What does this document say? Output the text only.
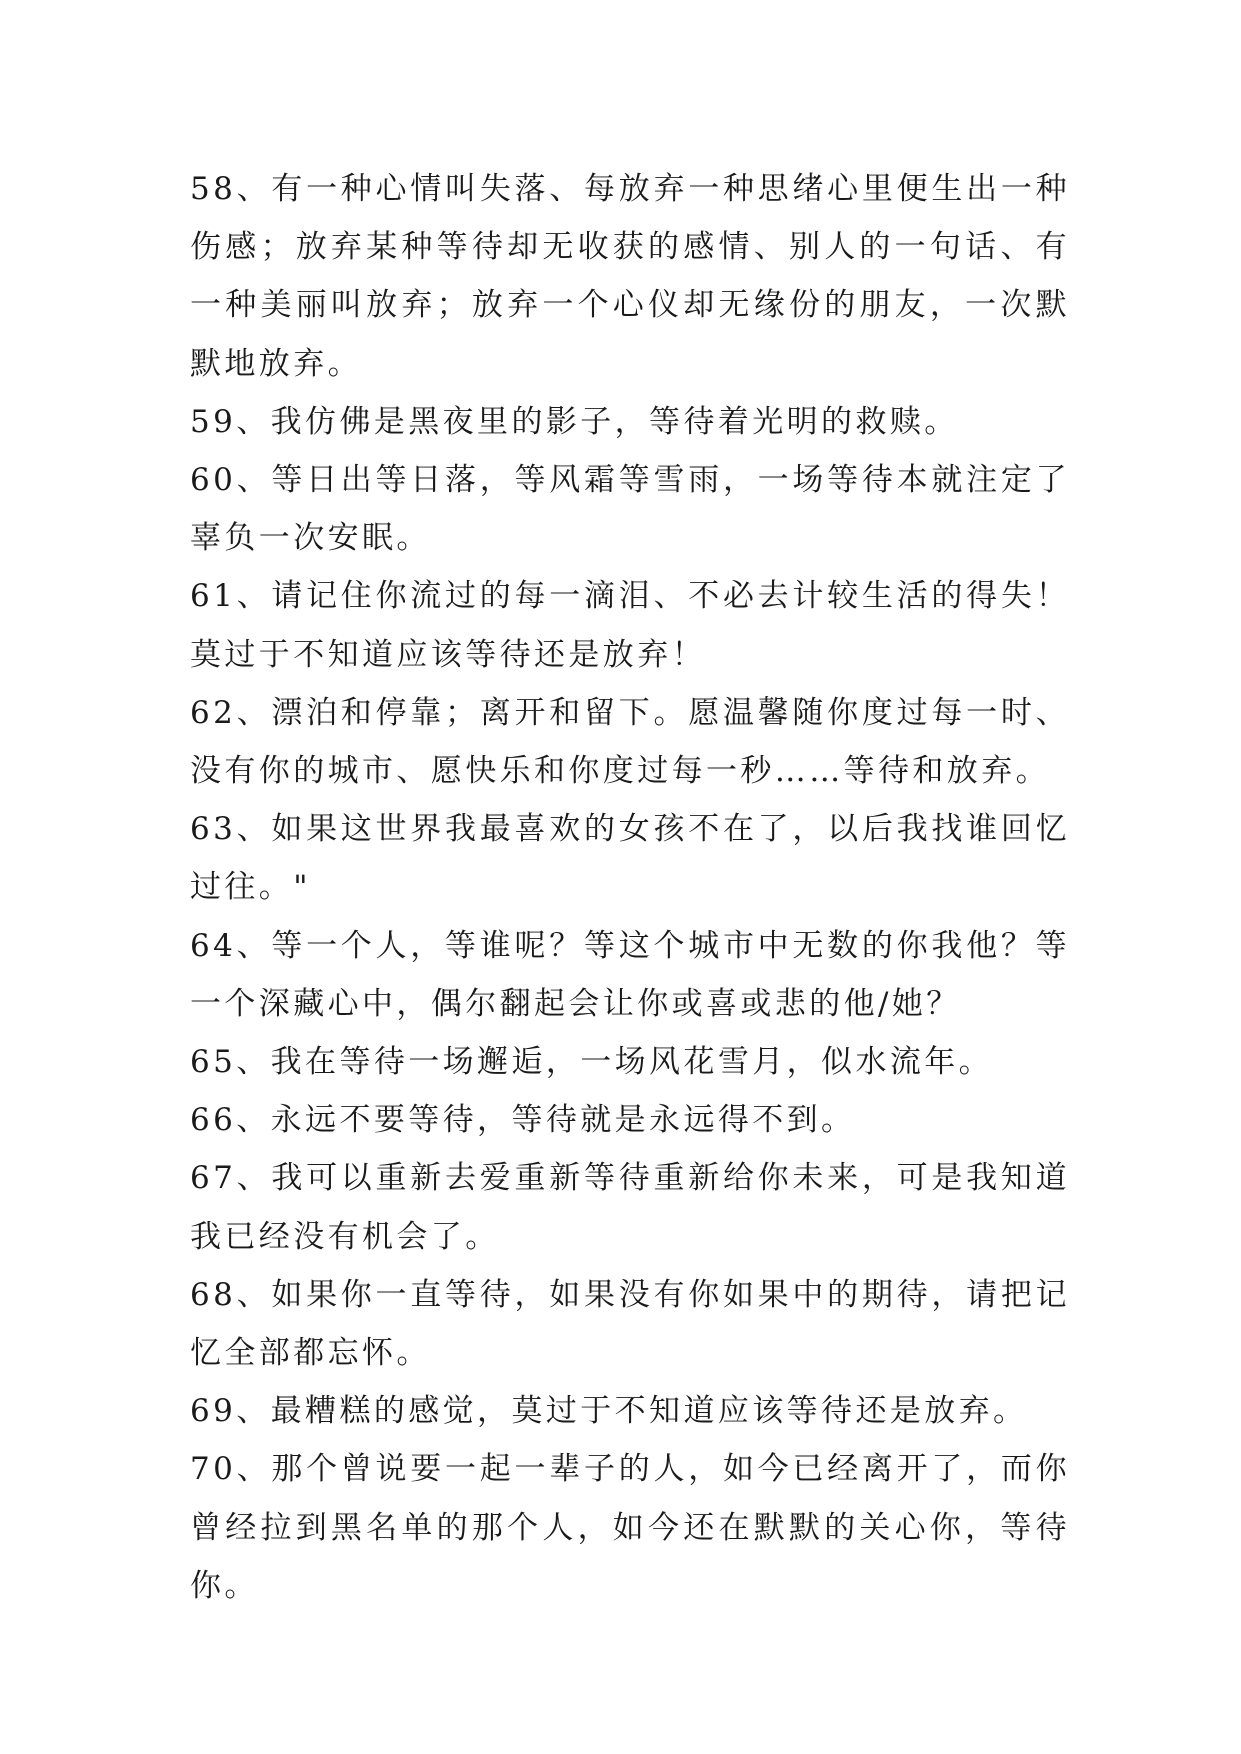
58、有一种心情叫失落、每放弃一种思绪心里便生出一种伤感；放弃某种等待却无收获的感情、别人的一句话、有一种美丽叫放弃；放弃一个心仪却无缘份的朋友，一次默默地放弃。

59、我仿佛是黑夜里的影子，等待着光明的救赎。

60、等日出等日落，等风霜等雪雨，一场等待本就注定了辜负一次安眠。

61、请记住你流过的每一滴泪、不必去计较生活的得失！莫过于不知道应该等待还是放弃！

62、漂泊和停靠；离开和留下。愿温馨随你度过每一时、没有你的城市、愿快乐和你度过每一秒……等待和放弃。

63、如果这世界我最喜欢的女孩不在了，以后我找谁回忆过往。"

64、等一个人，等谁呢？等这个城市中无数的你我他？等一个深藏心中，偶尔翻起会让你或喜或悲的他/她？

65、我在等待一场邂逅，一场风花雪月，似水流年。

66、永远不要等待，等待就是永远得不到。

67、我可以重新去爱重新等待重新给你未来，可是我知道我已经没有机会了。

68、如果你一直等待，如果没有你如果中的期待，请把记忆全部都忘怀。

69、最糟糕的感觉，莫过于不知道应该等待还是放弃。

70、那个曾说要一起一辈子的人，如今已经离开了，而你曾经拉到黑名单的那个人，如今还在默默的关心你，等待你。
